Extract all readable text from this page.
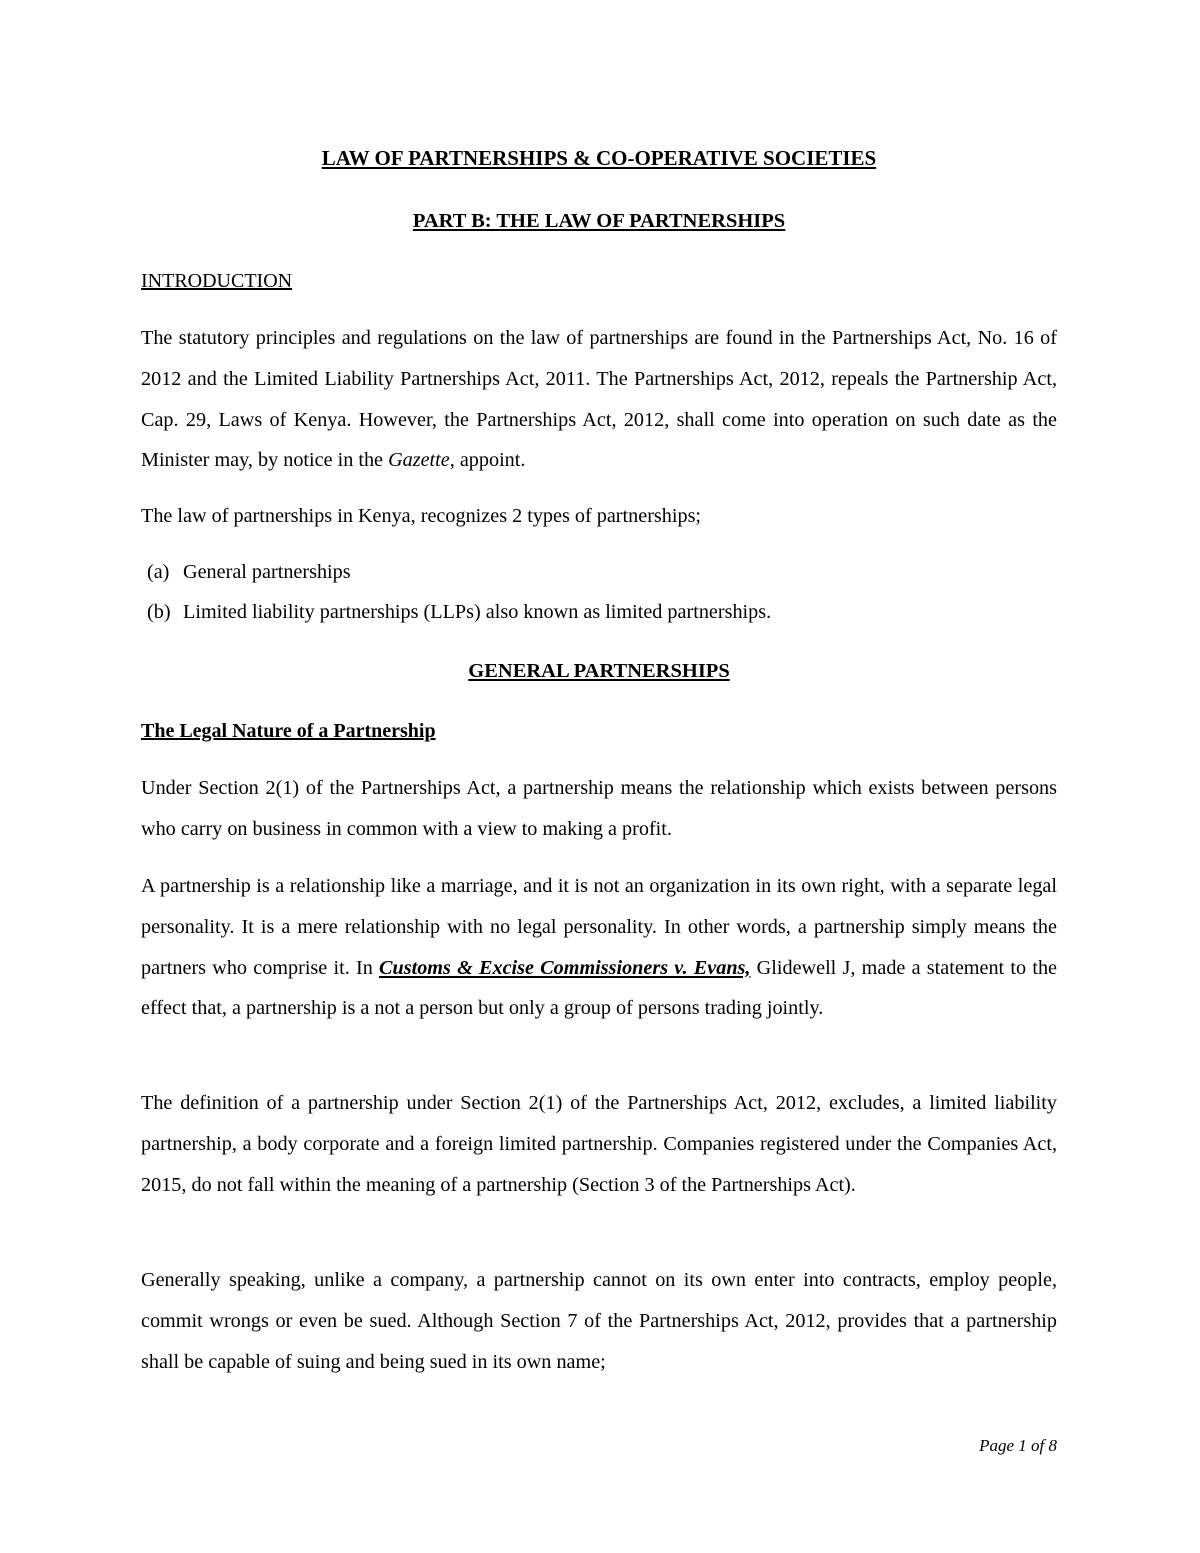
LAW OF PARTNERSHIPS & CO-OPERATIVE SOCIETIES
PART B: THE LAW OF PARTNERSHIPS
INTRODUCTION

The statutory principles and regulations on the law of partnerships are found in the Partnerships Act, No. 16 of 2012 and the Limited Liability Partnerships Act, 2011. The Partnerships Act, 2012, repeals the Partnership Act, Cap. 29, Laws of Kenya. However, the Partnerships Act, 2012, shall come into operation on such date as the Minister may, by notice in the Gazette, appoint.

The law of partnerships in Kenya, recognizes 2 types of partnerships;
(a) General partnerships
(b) Limited liability partnerships (LLPs) also known as limited partnerships.
GENERAL PARTNERSHIPS
The Legal Nature of a Partnership

Under Section 2(1) of the Partnerships Act, a partnership means the relationship which exists between persons who carry on business in common with a view to making a profit.

A partnership is a relationship like a marriage, and it is not an organization in its own right, with a separate legal personality. It is a mere relationship with no legal personality. In other words, a partnership simply means the partners who comprise it. In Customs & Excise Commissioners v. Evans, Glidewell J, made a statement to the effect that, a partnership is a not a person but only a group of persons trading jointly.

The definition of a partnership under Section 2(1) of the Partnerships Act, 2012, excludes, a limited liability partnership, a body corporate and a foreign limited partnership. Companies registered under the Companies Act, 2015, do not fall within the meaning of a partnership (Section 3 of the Partnerships Act).

Generally speaking, unlike a company, a partnership cannot on its own enter into contracts, employ people, commit wrongs or even be sued. Although Section 7 of the Partnerships Act, 2012, provides that a partnership shall be capable of suing and being sued in its own name;

Page 1 of 8
